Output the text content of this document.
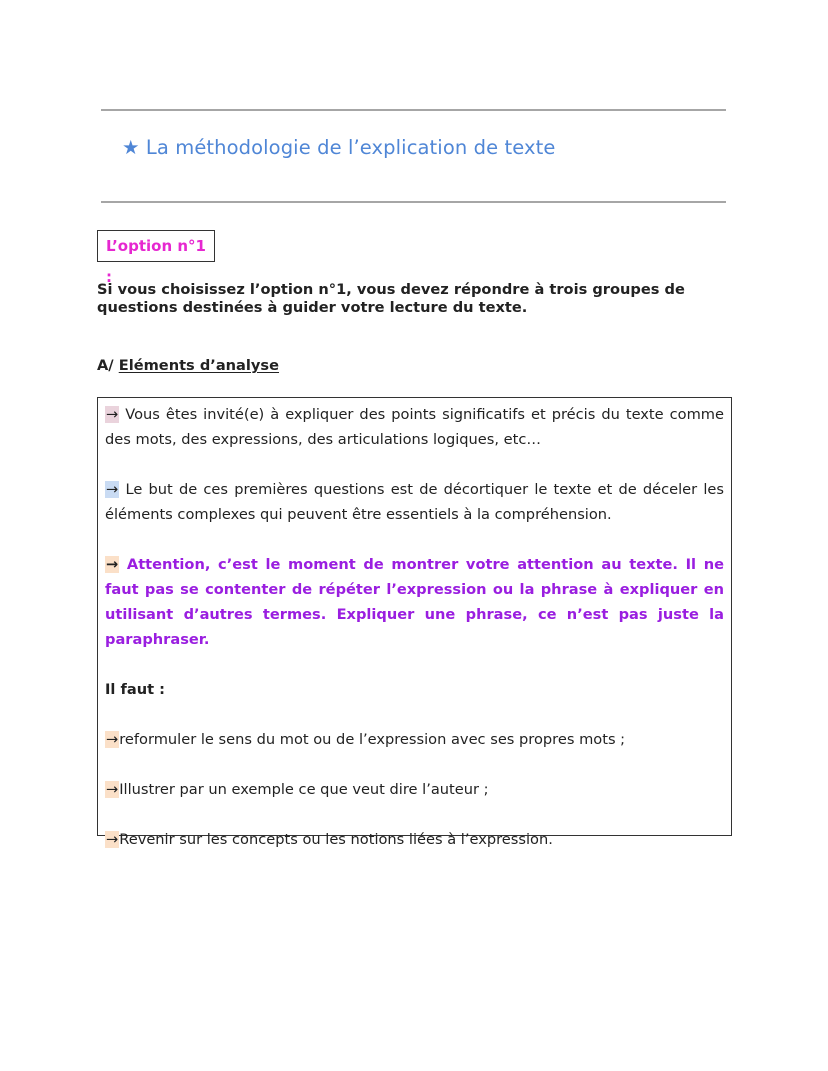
★ La méthodologie de l’explication de texte
L’option n°1 :
Si vous choisissez l’option n°1, vous devez répondre à trois groupes de questions destinées à guider votre lecture du texte.
A/ Eléments d’analyse

→ Vous êtes invité(e) à expliquer des points significatifs et précis du texte comme des mots, des expressions, des articulations logiques, etc…

→ Le but de ces premières questions est de décortiquer le texte et de déceler les éléments complexes qui peuvent être essentiels à la compréhension.

→ Attention, c’est le moment de montrer votre attention au texte. Il ne faut pas se contenter de répéter l’expression ou la phrase à expliquer en utilisant d’autres termes. Expliquer une phrase, ce n’est pas juste la paraphraser.

Il faut :

→reformuler le sens du mot ou de l’expression avec ses propres mots ;

→Illustrer par un exemple ce que veut dire l’auteur ;

→Revenir sur les concepts ou les notions liées à l’expression.
